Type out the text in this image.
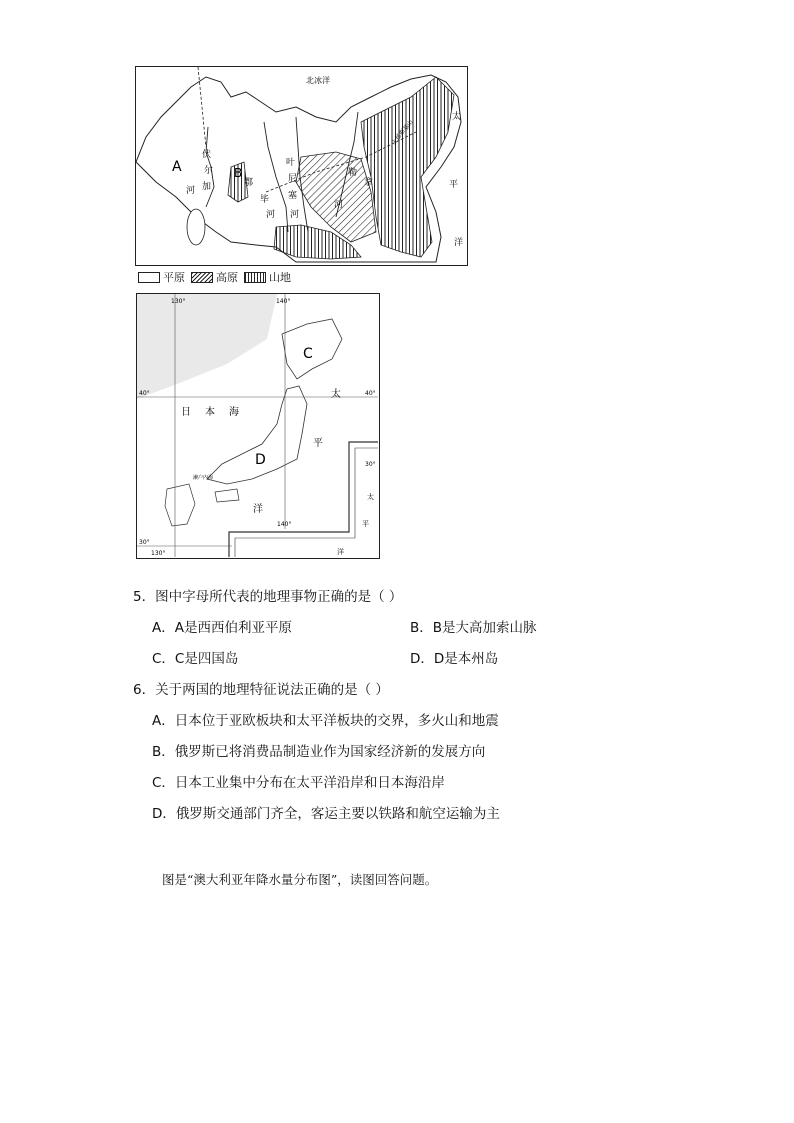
北冰洋
太
平
洋
A	B
伏
尔
加
河
鄂
毕
河
叶
尼
塞
河
勒
拿
河
上扬斯基山
平原	高原	山地
130°	140°
40°	40°
30°
30°
130°
140°
C
D
日 本 海
太
平
洋
太
平
洋
濑户内海
5．图中字母所代表的地理事物正确的是（ ）
A．A是西西伯利亚平原	B．B是大高加索山脉
C．C是四国岛	D．D是本州岛
6．关于两国的地理特征说法正确的是（ ）
A．日本位于亚欧板块和太平洋板块的交界，多火山和地震
B．俄罗斯已将消费品制造业作为国家经济新的发展方向
C．日本工业集中分布在太平洋沿岸和日本海沿岸
D．俄罗斯交通部门齐全，客运主要以铁路和航空运输为主
图是“澳大利亚年降水量分布图”，读图回答问题。
